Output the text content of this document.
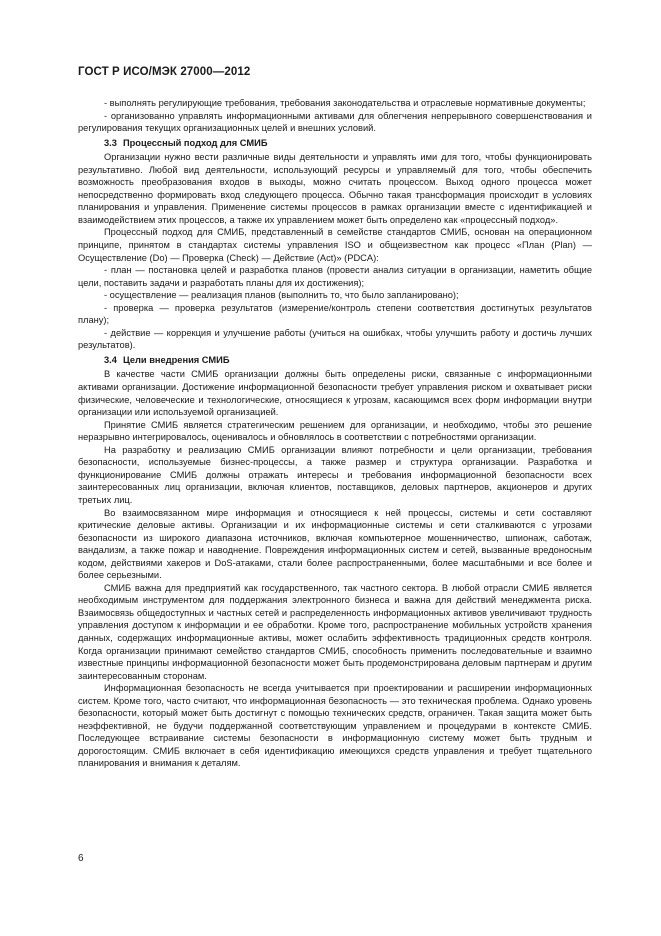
ГОСТ Р ИСО/МЭК 27000—2012

- выполнять регулирующие требования, требования законодательства и отраслевые нормативные документы;

- организованно управлять информационными активами для облегчения непрерывного совершенствования и регулирования текущих организационных целей и внешних условий.

3.3 Процессный подход для СМИБ

Организации нужно вести различные виды деятельности и управлять ими для того, чтобы функционировать результативно. Любой вид деятельности, использующий ресурсы и управляемый для того, чтобы обеспечить возможность преобразования входов в выходы, можно считать процессом. Выход одного процесса может непосредственно формировать вход следующего процесса. Обычно такая трансформация происходит в условиях планирования и управления. Применение системы процессов в рамках организации вместе с идентификацией и взаимодействием этих процессов, а также их управлением может быть определено как «процессный подход».

Процессный подход для СМИБ, представленный в семействе стандартов СМИБ, основан на операционном принципе, принятом в стандартах системы управления ISO и общеизвестном как процесс «План (Plan) — Осуществление (Do) — Проверка (Check) — Действие (Act)» (PDCA):

- план — постановка целей и разработка планов (провести анализ ситуации в организации, наметить общие цели, поставить задачи и разработать планы для их достижения);

- осуществление — реализация планов (выполнить то, что было запланировано);

- проверка — проверка результатов (измерение/контроль степени соответствия достигнутых результатов плану);

- действие — коррекция и улучшение работы (учиться на ошибках, чтобы улучшить работу и достичь лучших результатов).

3.4 Цели внедрения СМИБ

В качестве части СМИБ организации должны быть определены риски, связанные с информационными активами организации. Достижение информационной безопасности требует управления риском и охватывает риски физические, человеческие и технологические, относящиеся к угрозам, касающимся всех форм информации внутри организации или используемой организацией.

Принятие СМИБ является стратегическим решением для организации, и необходимо, чтобы это решение неразрывно интегрировалось, оценивалось и обновлялось в соответствии с потребностями организации.

На разработку и реализацию СМИБ организации влияют потребности и цели организации, требования безопасности, используемые бизнес-процессы, а также размер и структура организации. Разработка и функционирование СМИБ должны отражать интересы и требования информационной безопасности всех заинтересованных лиц организации, включая клиентов, поставщиков, деловых партнеров, акционеров и других третьих лиц.

Во взаимосвязанном мире информация и относящиеся к ней процессы, системы и сети составляют критические деловые активы. Организации и их информационные системы и сети сталкиваются с угрозами безопасности из широкого диапазона источников, включая компьютерное мошенничество, шпионаж, саботаж, вандализм, а также пожар и наводнение. Повреждения информационных систем и сетей, вызванные вредоносным кодом, действиями хакеров и DoS-атаками, стали более распространенными, более масштабными и все более и более серьезными.

СМИБ важна для предприятий как государственного, так частного сектора. В любой отрасли СМИБ является необходимым инструментом для поддержания электронного бизнеса и важна для действий менеджмента риска. Взаимосвязь общедоступных и частных сетей и распределенность информационных активов увеличивают трудность управления доступом к информации и ее обработки. Кроме того, распространение мобильных устройств хранения данных, содержащих информационные активы, может ослабить эффективность традиционных средств контроля. Когда организации принимают семейство стандартов СМИБ, способность применить последовательные и взаимно известные принципы информационной безопасности может быть продемонстрирована деловым партнерам и другим заинтересованным сторонам.

Информационная безопасность не всегда учитывается при проектировании и расширении информационных систем. Кроме того, часто считают, что информационная безопасность — это техническая проблема. Однако уровень безопасности, который может быть достигнут с помощью технических средств, ограничен. Такая защита может быть неэффективной, не будучи поддержанной соответствующим управлением и процедурами в контексте СМИБ. Последующее встраивание системы безопасности в информационную систему может быть трудным и дорогостоящим. СМИБ включает в себя идентификацию имеющихся средств управления и требует тщательного планирования и внимания к деталям.

6
